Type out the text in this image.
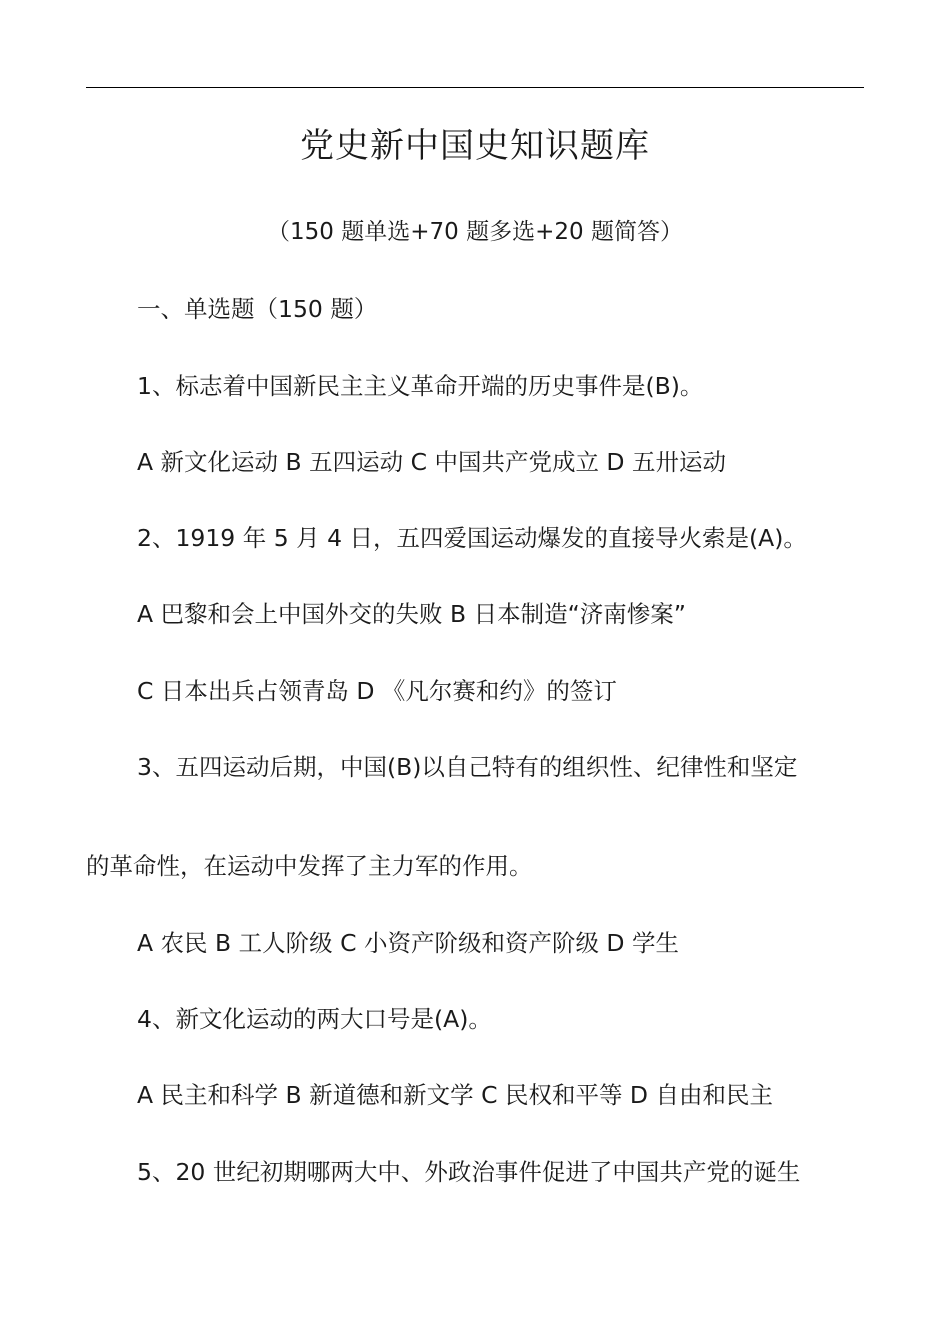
党史新中国史知识题库
（150 题单选+70 题多选+20 题简答）
一、单选题（150 题）
1、标志着中国新民主主义革命开端的历史事件是(B)。
A 新文化运动 B 五四运动 C 中国共产党成立 D 五卅运动
2、1919 年 5 月 4 日，五四爱国运动爆发的直接导火索是(A)。
A 巴黎和会上中国外交的失败 B 日本制造“济南惨案”
C 日本出兵占领青岛 D 《凡尔赛和约》的签订
3、五四运动后期，中国(B)以自己特有的组织性、纪律性和坚定
的革命性，在运动中发挥了主力军的作用。
A 农民 B 工人阶级 C 小资产阶级和资产阶级 D 学生
4、新文化运动的两大口号是(A)。
A 民主和科学 B 新道德和新文学 C 民权和平等 D 自由和民主
5、20 世纪初期哪两大中、外政治事件促进了中国共产党的诞生
